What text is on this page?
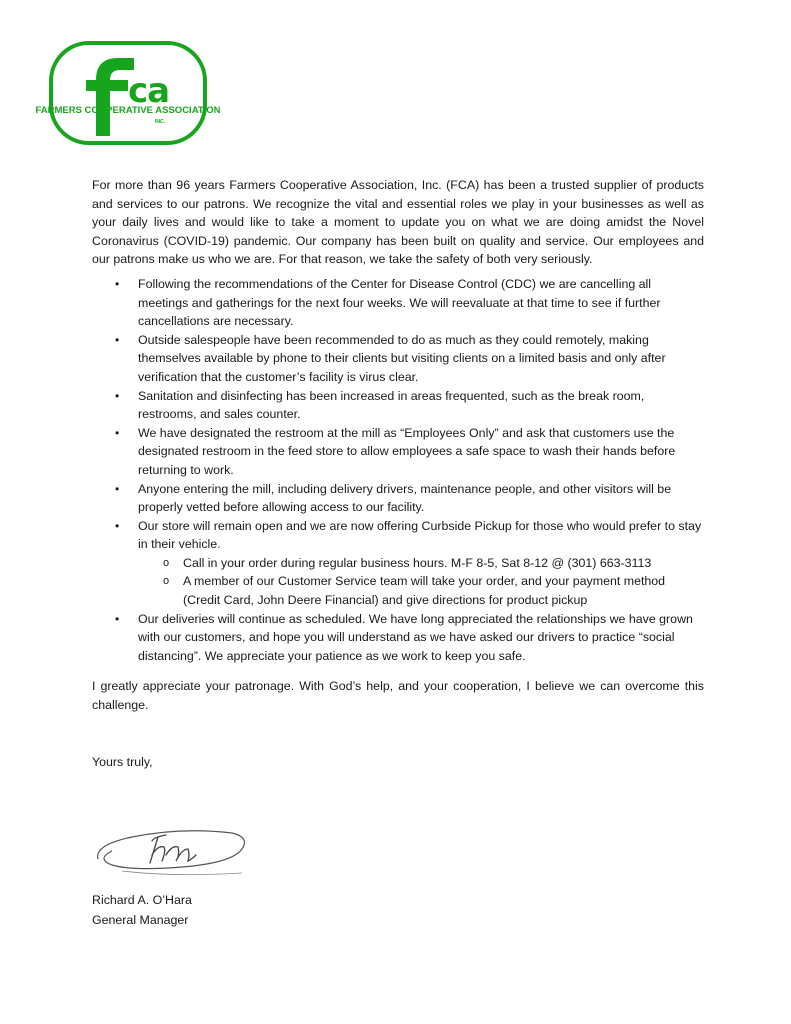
ca
FARMERS COOPERATIVE ASSOCIATION
INC.

For more than 96 years Farmers Cooperative Association, Inc. (FCA) has been a trusted supplier of products and services to our patrons. We recognize the vital and essential roles we play in your businesses as well as your daily lives and would like to take a moment to update you on what we are doing amidst the Novel Coronavirus (COVID-19) pandemic. Our company has been built on quality and service. Our employees and our patrons make us who we are. For that reason, we take the safety of both very seriously.

• Following the recommendations of the Center for Disease Control (CDC) we are cancelling all meetings and gatherings for the next four weeks. We will reevaluate at that time to see if further cancellations are necessary.
• Outside salespeople have been recommended to do as much as they could remotely, making themselves available by phone to their clients but visiting clients on a limited basis and only after verification that the customer’s facility is virus clear.
• Sanitation and disinfecting has been increased in areas frequented, such as the break room, restrooms, and sales counter.
• We have designated the restroom at the mill as “Employees Only” and ask that customers use the designated restroom in the feed store to allow employees a safe space to wash their hands before returning to work.
• Anyone entering the mill, including delivery drivers, maintenance people, and other visitors will be properly vetted before allowing access to our facility.
• Our store will remain open and we are now offering Curbside Pickup for those who would prefer to stay in their vehicle.
o Call in your order during regular business hours. M-F 8-5, Sat 8-12 @ (301) 663-3113
o A member of our Customer Service team will take your order, and your payment method (Credit Card, John Deere Financial) and give directions for product pickup
• Our deliveries will continue as scheduled. We have long appreciated the relationships we have grown with our customers, and hope you will understand as we have asked our drivers to practice “social distancing”. We appreciate your patience as we work to keep you safe.

I greatly appreciate your patronage. With God’s help, and your cooperation, I believe we can overcome this challenge.

Yours truly,

Richard A. O’Hara
General Manager
